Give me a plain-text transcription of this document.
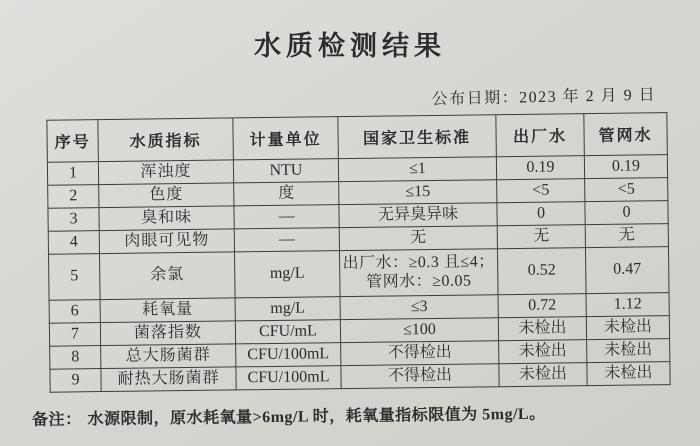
水质检测结果
公布日期：2023 年 2 月 9 日
序号	水质指标	计量单位	国家卫生标准	出厂水	管网水
1	浑浊度	NTU	≤1	0.19	0.19
2	色度	度	≤15	<5	<5
3	臭和味	—	无异臭异味	0	0
4	肉眼可见物	—	无	无	无
5	余氯	mg/L	出厂水：≥0.3 且≤4；
管网水：≥0.05	0.52	0.47
6	耗氧量	mg/L	≤3	0.72	1.12
7	菌落指数	CFU/mL	≤100	未检出	未检出
8	总大肠菌群	CFU/100mL	不得检出	未检出	未检出
9	耐热大肠菌群	CFU/100mL	不得检出	未检出	未检出
备注： 水源限制，原水耗氧量>6mg/L 时，耗氧量指标限值为 5mg/L。
